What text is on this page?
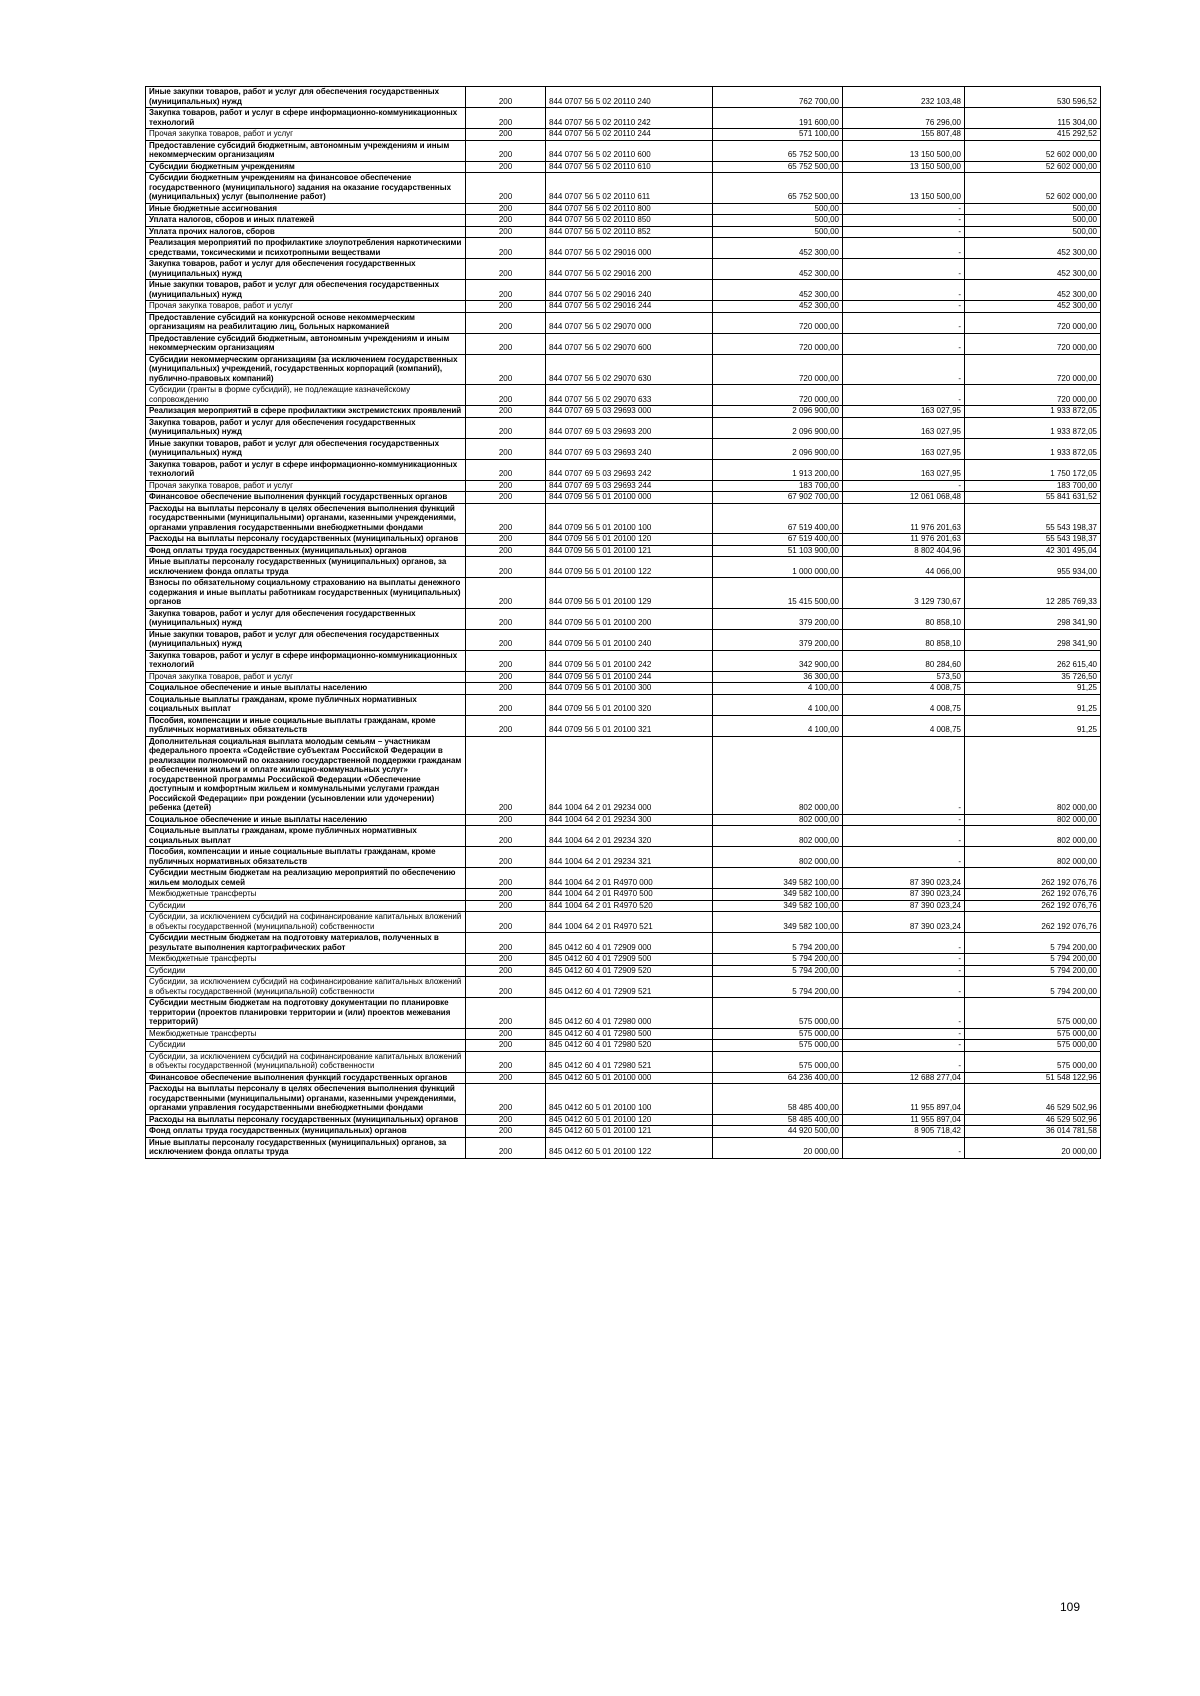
Иные закупки товаров, работ и услуг для обеспечения государственных (муниципальных) нужд	200	844 0707 56 5 02 20110 240	762 700,00	232 103,48	530 596,52
Закупка товаров, работ и услуг в сфере информационно-коммуникационных технологий	200	844 0707 56 5 02 20110 242	191 600,00	76 296,00	115 304,00
Прочая закупка товаров, работ и услуг	200	844 0707 56 5 02 20110 244	571 100,00	155 807,48	415 292,52
Предоставление субсидий бюджетным, автономным учреждениям и иным некоммерческим организациям	200	844 0707 56 5 02 20110 600	65 752 500,00	13 150 500,00	52 602 000,00
Субсидии бюджетным учреждениям	200	844 0707 56 5 02 20110 610	65 752 500,00	13 150 500,00	52 602 000,00
Субсидии бюджетным учреждениям на финансовое обеспечение государственного (муниципального) задания на оказание государственных (муниципальных) услуг (выполнение работ)	200	844 0707 56 5 02 20110 611	65 752 500,00	13 150 500,00	52 602 000,00
Иные бюджетные ассигнования	200	844 0707 56 5 02 20110 800	500,00	-	500,00
Уплата налогов, сборов и иных платежей	200	844 0707 56 5 02 20110 850	500,00	-	500,00
Уплата прочих налогов, сборов	200	844 0707 56 5 02 20110 852	500,00	-	500,00
Реализация мероприятий по профилактике злоупотребления наркотическими средствами, токсическими и психотропными веществами	200	844 0707 56 5 02 29016 000	452 300,00	-	452 300,00
Закупка товаров, работ и услуг для обеспечения государственных (муниципальных) нужд	200	844 0707 56 5 02 29016 200	452 300,00	-	452 300,00
Иные закупки товаров, работ и услуг для обеспечения государственных (муниципальных) нужд	200	844 0707 56 5 02 29016 240	452 300,00	-	452 300,00
Прочая закупка товаров, работ и услуг	200	844 0707 56 5 02 29016 244	452 300,00	-	452 300,00
Предоставление субсидий на конкурсной основе некоммерческим организациям на реабилитацию лиц, больных наркоманией	200	844 0707 56 5 02 29070 000	720 000,00	-	720 000,00
Предоставление субсидий бюджетным, автономным учреждениям и иным некоммерческим организациям	200	844 0707 56 5 02 29070 600	720 000,00	-	720 000,00
Субсидии некоммерческим организациям (за исключением государственных (муниципальных) учреждений, государственных корпораций (компаний), публично-правовых компаний)	200	844 0707 56 5 02 29070 630	720 000,00	-	720 000,00
Субсидии (гранты в форме субсидий), не подлежащие казначейскому сопровождению	200	844 0707 56 5 02 29070 633	720 000,00	-	720 000,00
Реализация мероприятий в сфере профилактики экстремистских проявлений	200	844 0707 69 5 03 29693 000	2 096 900,00	163 027,95	1 933 872,05
Закупка товаров, работ и услуг для обеспечения государственных (муниципальных) нужд	200	844 0707 69 5 03 29693 200	2 096 900,00	163 027,95	1 933 872,05
Иные закупки товаров, работ и услуг для обеспечения государственных (муниципальных) нужд	200	844 0707 69 5 03 29693 240	2 096 900,00	163 027,95	1 933 872,05
Закупка товаров, работ и услуг в сфере информационно-коммуникационных технологий	200	844 0707 69 5 03 29693 242	1 913 200,00	163 027,95	1 750 172,05
Прочая закупка товаров, работ и услуг	200	844 0707 69 5 03 29693 244	183 700,00	-	183 700,00
Финансовое обеспечение выполнения функций государственных органов	200	844 0709 56 5 01 20100 000	67 902 700,00	12 061 068,48	55 841 631,52
Расходы на выплаты персоналу в целях обеспечения выполнения функций государственными (муниципальными) органами, казенными учреждениями, органами управления государственными внебюджетными фондами	200	844 0709 56 5 01 20100 100	67 519 400,00	11 976 201,63	55 543 198,37
Расходы на выплаты персоналу государственных (муниципальных) органов	200	844 0709 56 5 01 20100 120	67 519 400,00	11 976 201,63	55 543 198,37
Фонд оплаты труда государственных (муниципальных) органов	200	844 0709 56 5 01 20100 121	51 103 900,00	8 802 404,96	42 301 495,04
Иные выплаты персоналу государственных (муниципальных) органов, за исключением фонда оплаты труда	200	844 0709 56 5 01 20100 122	1 000 000,00	44 066,00	955 934,00
Взносы по обязательному социальному страхованию на выплаты денежного содержания и иные выплаты работникам государственных (муниципальных) органов	200	844 0709 56 5 01 20100 129	15 415 500,00	3 129 730,67	12 285 769,33
Закупка товаров, работ и услуг для обеспечения государственных (муниципальных) нужд	200	844 0709 56 5 01 20100 200	379 200,00	80 858,10	298 341,90
Иные закупки товаров, работ и услуг для обеспечения государственных (муниципальных) нужд	200	844 0709 56 5 01 20100 240	379 200,00	80 858,10	298 341,90
Закупка товаров, работ и услуг в сфере информационно-коммуникационных технологий	200	844 0709 56 5 01 20100 242	342 900,00	80 284,60	262 615,40
Прочая закупка товаров, работ и услуг	200	844 0709 56 5 01 20100 244	36 300,00	573,50	35 726,50
Социальное обеспечение и иные выплаты населению	200	844 0709 56 5 01 20100 300	4 100,00	4 008,75	91,25
Социальные выплаты гражданам, кроме публичных нормативных социальных выплат	200	844 0709 56 5 01 20100 320	4 100,00	4 008,75	91,25
Пособия, компенсации и иные социальные выплаты гражданам, кроме публичных нормативных обязательств	200	844 0709 56 5 01 20100 321	4 100,00	4 008,75	91,25
Дополнительная социальная выплата молодым семьям – участникам федерального проекта «Содействие субъектам Российской Федерации в реализации полномочий по оказанию государственной поддержки гражданам в обеспечении жильем и оплате жилищно-коммунальных услуг» государственной программы Российской Федерации «Обеспечение доступным и комфортным жильем и коммунальными услугами граждан Российской Федерации» при рождении (усыновлении или удочерении) ребенка (детей)	200	844 1004 64 2 01 29234 000	802 000,00	-	802 000,00
Социальное обеспечение и иные выплаты населению	200	844 1004 64 2 01 29234 300	802 000,00	-	802 000,00
Социальные выплаты гражданам, кроме публичных нормативных социальных выплат	200	844 1004 64 2 01 29234 320	802 000,00	-	802 000,00
Пособия, компенсации и иные социальные выплаты гражданам, кроме публичных нормативных обязательств	200	844 1004 64 2 01 29234 321	802 000,00	-	802 000,00
Субсидии местным бюджетам на реализацию мероприятий по обеспечению жильем молодых семей	200	844 1004 64 2 01 R4970 000	349 582 100,00	87 390 023,24	262 192 076,76
Межбюджетные трансферты	200	844 1004 64 2 01 R4970 500	349 582 100,00	87 390 023,24	262 192 076,76
Субсидии	200	844 1004 64 2 01 R4970 520	349 582 100,00	87 390 023,24	262 192 076,76
Субсидии, за исключением субсидий на софинансирование капитальных вложений в объекты государственной (муниципальной) собственности	200	844 1004 64 2 01 R4970 521	349 582 100,00	87 390 023,24	262 192 076,76
Субсидии местным бюджетам на подготовку материалов, полученных в результате выполнения картографических работ	200	845 0412 60 4 01 72909 000	5 794 200,00	-	5 794 200,00
Межбюджетные трансферты	200	845 0412 60 4 01 72909 500	5 794 200,00	-	5 794 200,00
Субсидии	200	845 0412 60 4 01 72909 520	5 794 200,00	-	5 794 200,00
Субсидии, за исключением субсидий на софинансирование капитальных вложений в объекты государственной (муниципальной) собственности	200	845 0412 60 4 01 72909 521	5 794 200,00	-	5 794 200,00
Субсидии местным бюджетам на подготовку документации по планировке территории (проектов планировки территории и (или) проектов межевания территорий)	200	845 0412 60 4 01 72980 000	575 000,00	-	575 000,00
Межбюджетные трансферты	200	845 0412 60 4 01 72980 500	575 000,00	-	575 000,00
Субсидии	200	845 0412 60 4 01 72980 520	575 000,00	-	575 000,00
Субсидии, за исключением субсидий на софинансирование капитальных вложений в объекты государственной (муниципальной) собственности	200	845 0412 60 4 01 72980 521	575 000,00	-	575 000,00
Финансовое обеспечение выполнения функций государственных органов	200	845 0412 60 5 01 20100 000	64 236 400,00	12 688 277,04	51 548 122,96
Расходы на выплаты персоналу в целях обеспечения выполнения функций государственными (муниципальными) органами, казенными учреждениями, органами управления государственными внебюджетными фондами	200	845 0412 60 5 01 20100 100	58 485 400,00	11 955 897,04	46 529 502,96
Расходы на выплаты персоналу государственных (муниципальных) органов	200	845 0412 60 5 01 20100 120	58 485 400,00	11 955 897,04	46 529 502,96
Фонд оплаты труда государственных (муниципальных) органов	200	845 0412 60 5 01 20100 121	44 920 500,00	8 905 718,42	36 014 781,58
Иные выплаты персоналу государственных (муниципальных) органов, за исключением фонда оплаты труда	200	845 0412 60 5 01 20100 122	20 000,00	-	20 000,00
109
